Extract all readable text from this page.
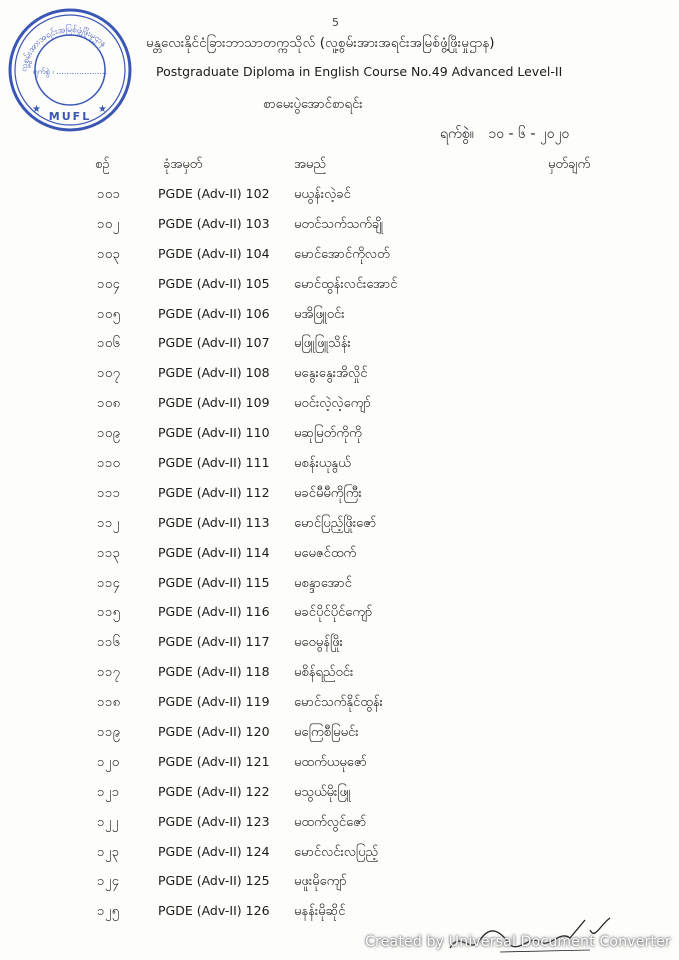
5
လူ့စွမ်းအားအရင်းအမြစ်ဖွံ့ဖြိုးမှုဌာန
ရက်စွဲ ၊ ....................
MUFL
★	★
မန္တလေးနိုင်ငံခြားဘာသာတက္ကသိုလ် (လူ့စွမ်းအားအရင်းအမြစ်ဖွံ့ဖြိုးမှုဌာန)
Postgraduate Diploma in English Course No.49 Advanced Level-II
စာမေးပွဲအောင်စာရင်း
ရက်စွဲ။ ၁၀ - ၆ - ၂၀၂၀
စဉ်	ခုံအမှတ်	အမည်	မှတ်ချက်
၁၀၁	PGDE (Adv-II) 102 မယွန်းလဲ့ခင်
၁၀၂	PGDE (Adv-II) 103 မတင်သက်သက်ချို
၁၀၃	PGDE (Adv-II) 104 မောင်အောင်ကိုလတ်
၁၀၄	PGDE (Adv-II) 105 မောင်ထွန်းလင်းအောင်
၁၀၅	PGDE (Adv-II) 106 မအိဖြူဝင်း
၁၀၆	PGDE (Adv-II) 107 မဖြူဖြူသိန်း
၁၀၇	PGDE (Adv-II) 108 မနွေးနွေးအိလှိုင်
၁၀၈	PGDE (Adv-II) 109 မဝင်းလဲ့လဲ့ကျော်
၁၀၉	PGDE (Adv-II) 110 မဆုမြတ်ကိုကို
၁၁၀	PGDE (Adv-II) 111 မစန်းယုနွယ်
၁၁၁	PGDE (Adv-II) 112 မခင်မီမီကိုကြီး
၁၁၂	PGDE (Adv-II) 113 မောင်ပြည့်ဖြိုးဇော်
၁၁၃	PGDE (Adv-II) 114 မမေဇင်ထက်
၁၁၄	PGDE (Adv-II) 115 မစန္ဒာအောင်
၁၁၅	PGDE (Adv-II) 116 မခင်ပိုင်ပိုင်ကျော်
၁၁၆	PGDE (Adv-II) 117 မဝေမွန်ဖြိုး
၁၁၇	PGDE (Adv-II) 118 မစိန်ရည်ဝင်း
၁၁၈	PGDE (Adv-II) 119 မောင်သက်နိုင်ထွန်း
၁၁၉	PGDE (Adv-II) 120 မကြေစီမြမင်း
၁၂၀	PGDE (Adv-II) 121 မထက်ယမုဇော်
၁၂၁	PGDE (Adv-II) 122 မသွယ်မိုးဖြူ
၁၂၂	PGDE (Adv-II) 123 မထက်လွင်ဇော်
၁၂၃	PGDE (Adv-II) 124 မောင်လင်းလပြည့်
၁၂၄	PGDE (Adv-II) 125 မဖူးမိုကျော်
၁၂၅	PGDE (Adv-II) 126 မနန်းမိုဆိုင်
Created by Universal Document Converter
